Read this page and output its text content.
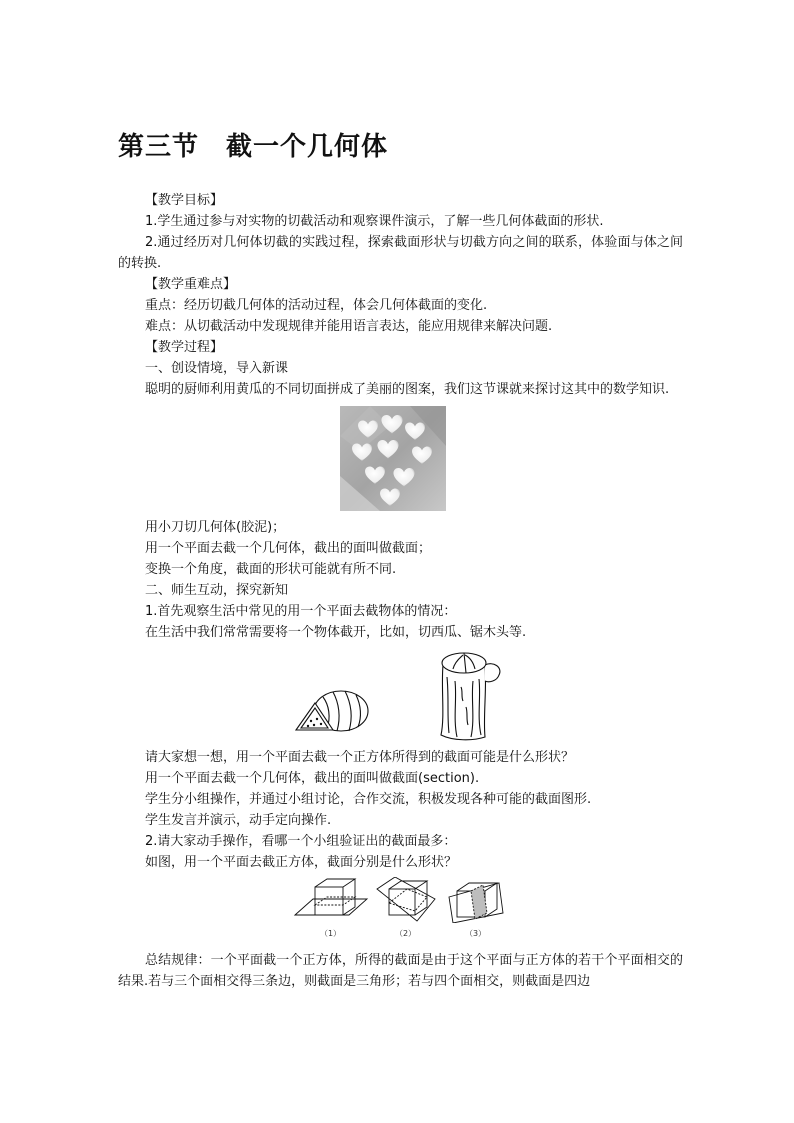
第三节　截一个几何体

【教学目标】

1.学生通过参与对实物的切截活动和观察课件演示，了解一些几何体截面的形状.

2.通过经历对几何体切截的实践过程，探索截面形状与切截方向之间的联系，体验面与体之间的转换.

【教学重难点】

重点：经历切截几何体的活动过程，体会几何体截面的变化.

难点：从切截活动中发现规律并能用语言表达，能应用规律来解决问题.

【教学过程】

一、创设情境，导入新课

聪明的厨师利用黄瓜的不同切面拼成了美丽的图案，我们这节课就来探讨这其中的数学知识.

用小刀切几何体(胶泥)；

用一个平面去截一个几何体，截出的面叫做截面；

变换一个角度，截面的形状可能就有所不同.

二、师生互动，探究新知

1.首先观察生活中常见的用一个平面去截物体的情况：

在生活中我们常常需要将一个物体截开，比如，切西瓜、锯木头等.

请大家想一想，用一个平面去截一个正方体所得到的截面可能是什么形状？

用一个平面去截一个几何体，截出的面叫做截面(section).

学生分小组操作，并通过小组讨论，合作交流，积极发现各种可能的截面图形.

学生发言并演示，动手定向操作.

2.请大家动手操作，看哪一个小组验证出的截面最多：

如图，用一个平面去截正方体，截面分别是什么形状？

（1）	（2）	（3）

总结规律：一个平面截一个正方体，所得的截面是由于这个平面与正方体的若干个平面相交的结果.若与三个面相交得三条边，则截面是三角形；若与四个面相交，则截面是四边
